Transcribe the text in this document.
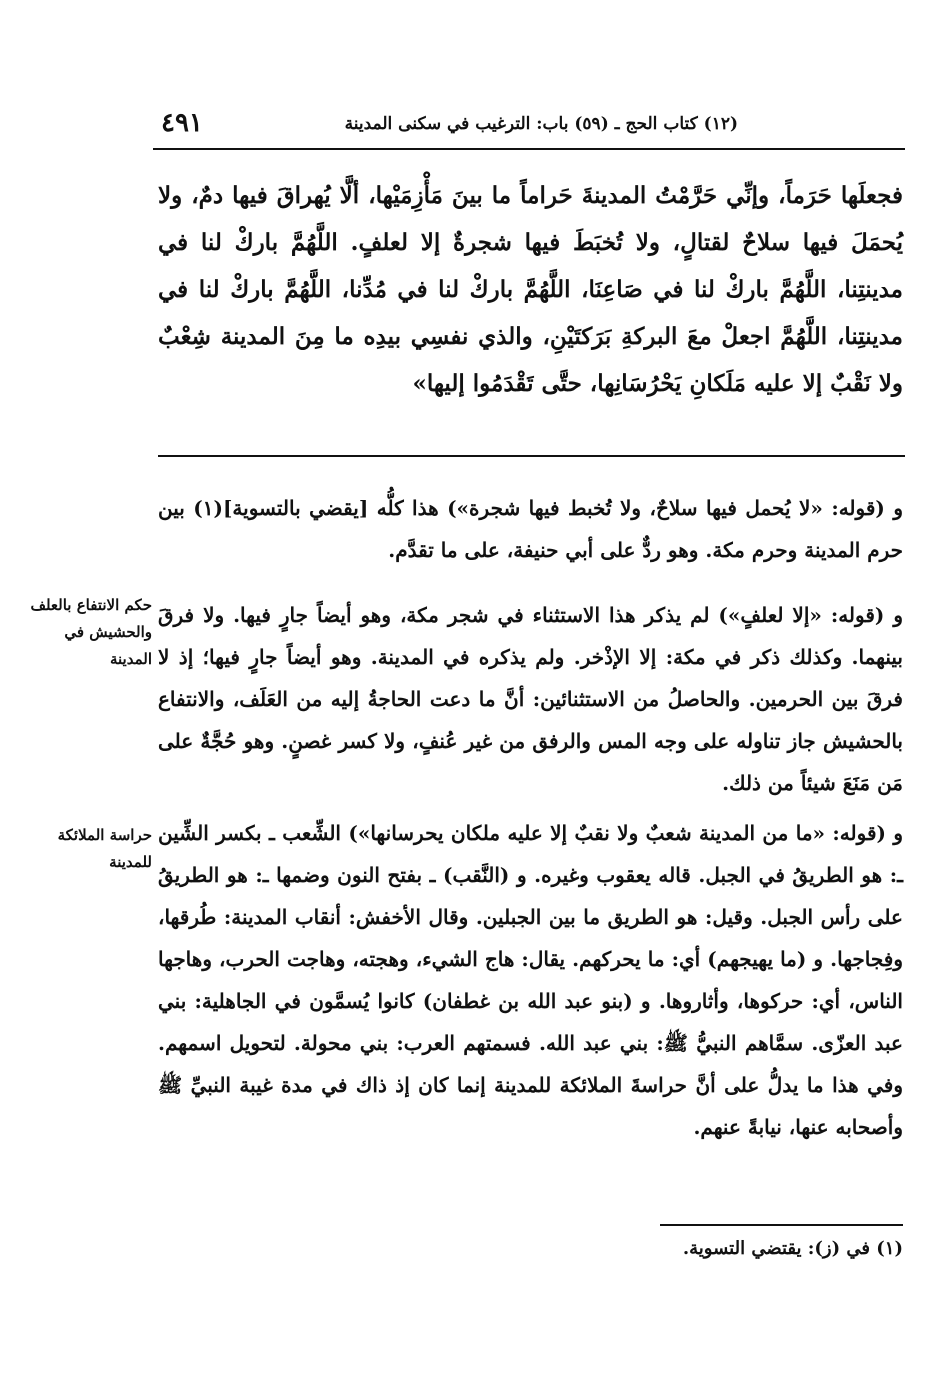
(١٢) كتاب الحج ـ (٥٩) باب: الترغيب في سكنى المدينة
٤٩١
فجعلَها حَرَماً، وإنِّي حَرَّمْتُ المدينةَ حَراماً ما بينَ مَأْزِمَيْها، ألَّا يُهراقَ فيها دمٌ، ولا يُحمَلَ فيها سلاحٌ لقتالٍ، ولا تُخبَطَ فيها شجرةٌ إلا لعلفٍ. اللَّهُمَّ باركْ لنا في مدينتِنا، اللَّهُمَّ باركْ لنا في صَاعِنَا، اللَّهُمَّ باركْ لنا في مُدِّنا، اللَّهُمَّ باركْ لنا في مدينتِنا، اللَّهُمَّ اجعلْ معَ البركةِ بَرَكتَيْنِ، والذي نفسِي بيدِه ما مِنَ المدينة شِعْبٌ ولا نَقْبٌ إلا عليه مَلَكانِ يَحْرُسَانِها، حتَّى تَقْدَمُوا إليها»
و (قوله: «لا يُحمل فيها سلاحٌ، ولا تُخبط فيها شجرة») هذا كلُّه [يقضي بالتسوية](١) بين حرم المدينة وحرم مكة. وهو ردٌّ على أبي حنيفة، على ما تقدَّم.
و (قوله: «إلا لعلفٍ») لم يذكر هذا الاستثناء في شجر مكة، وهو أيضاً جارٍ فيها. ولا فرقَ بينهما. وكذلك ذكر في مكة: إلا الإذْخر. ولم يذكره في المدينة. وهو أيضاً جارٍ فيها؛ إذ لا فرقَ بين الحرمين. والحاصلُ من الاستثنائين: أنَّ ما دعت الحاجةُ إليه من العَلَف، والانتفاع بالحشيش جاز تناوله على وجه المس والرفق من غير عُنفٍ، ولا كسر غصنٍ. وهو حُجَّةٌ على مَن مَنَعَ شيئاً من ذلك.
و (قوله: «ما من المدينة شعبٌ ولا نقبٌ إلا عليه ملكان يحرسانها») الشِّعب ـ بكسر الشِّين ـ: هو الطريقُ في الجبل. قاله يعقوب وغيره. و (النَّقب) ـ بفتح النون وضمها ـ: هو الطريقُ على رأس الجبل. وقيل: هو الطريق ما بين الجبلين. وقال الأخفش: أنقاب المدينة: طُرقها، وفِجاجها. و (ما يهيجهم) أي: ما يحركهم. يقال: هاج الشيء، وهجته، وهاجت الحرب، وهاجها الناس، أي: حركوها، وأثاروها. و (بنو عبد الله بن غطفان) كانوا يُسمَّون في الجاهلية: بني عبد العزّى. سمَّاهم النبيُّ ﷺ: بني عبد الله. فسمتهم العرب: بني محولة. لتحويل اسمهم. وفي هذا ما يدلُّ على أنَّ حراسةَ الملائكة للمدينة إنما كان إذ ذاك في مدة غيبة النبيِّ ﷺ وأصحابه عنها، نيابةً عنهم.
حكم الانتفاع بالعلف والحشيش في المدينة
حراسة الملائكة للمدينة
(١) في (ز): يقتضي التسوية.
